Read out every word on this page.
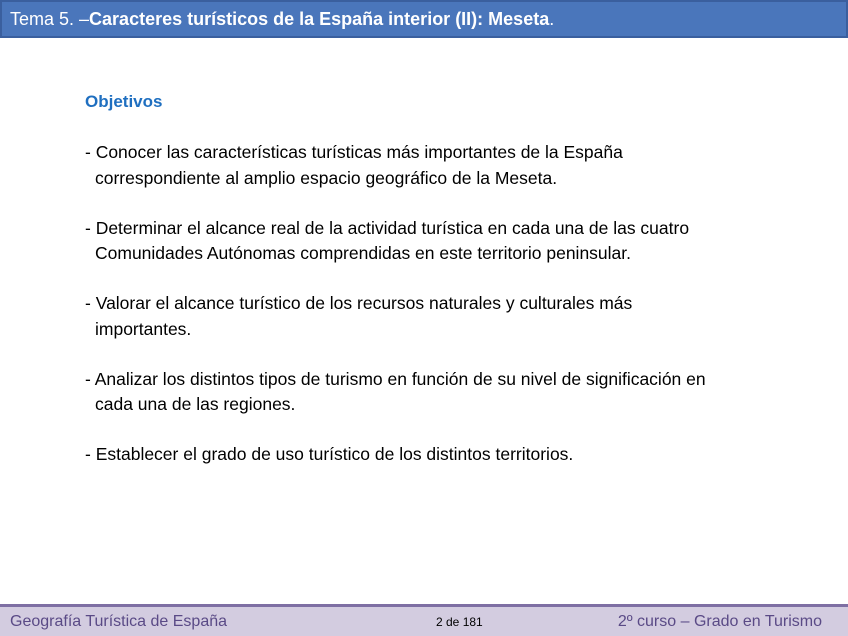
Tema 5. – Caracteres turísticos de la España interior (II): Meseta .
Objetivos
- Conocer las características turísticas más importantes de la España correspondiente al amplio espacio geográfico de la Meseta.
- Determinar el alcance real de la actividad turística en cada una de las cuatro Comunidades Autónomas comprendidas en este territorio peninsular.
- Valorar el alcance turístico de los recursos naturales y culturales más importantes.
- Analizar los distintos tipos de turismo en función de su nivel de significación en cada una de las regiones.
- Establecer el grado de uso turístico de los distintos territorios.
Geografía Turística de España	2 de 181	2º curso – Grado en Turismo
